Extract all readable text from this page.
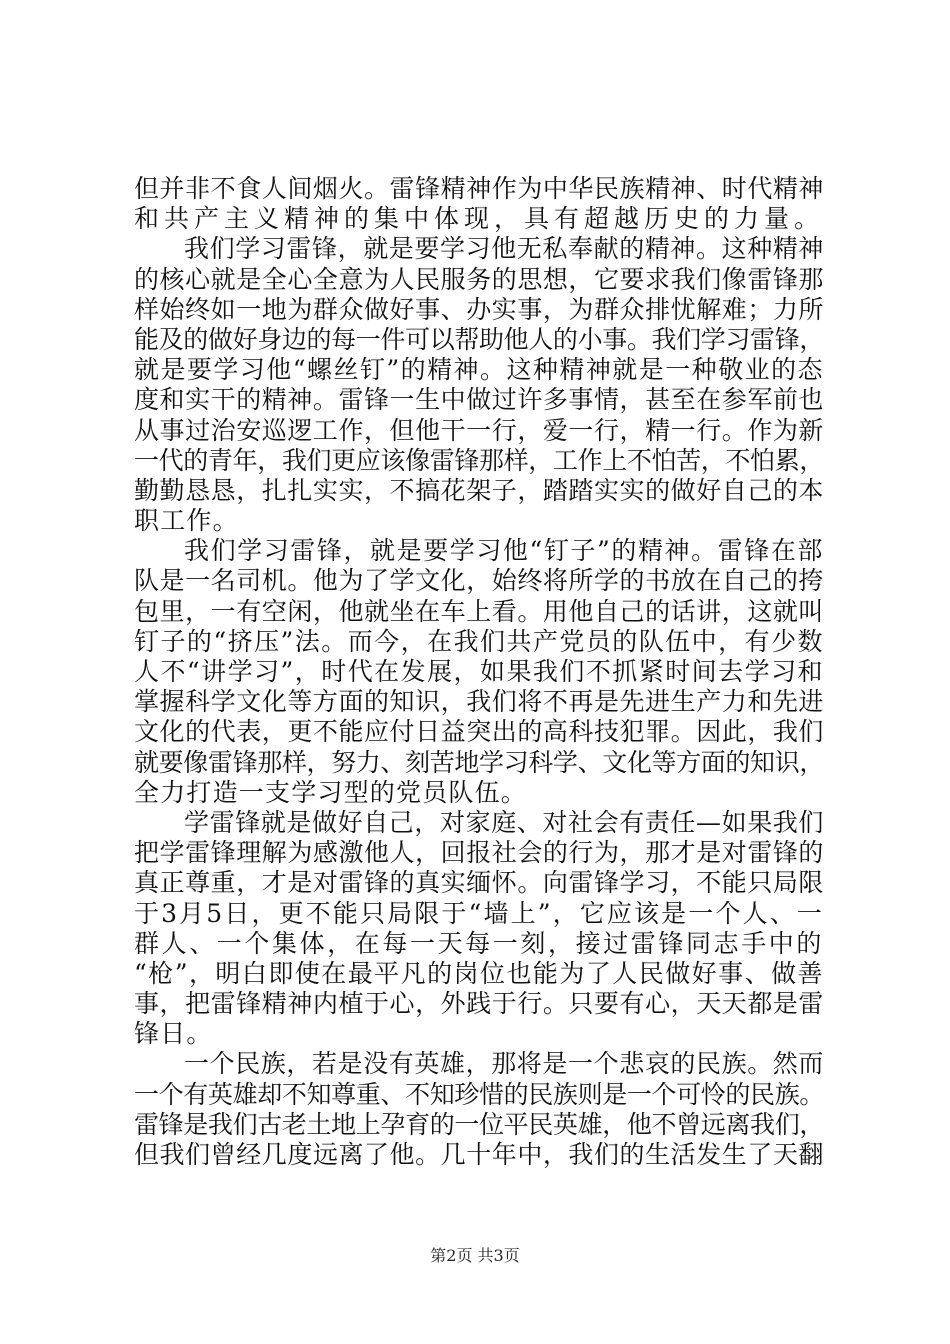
但并非不食人间烟火。雷锋精神作为中华民族精神、时代精神
和共产主义精神的集中体现，具有超越历史的力量。
我们学习雷锋，就是要学习他无私奉献的精神。这种精神
的核心就是全心全意为人民服务的思想，它要求我们像雷锋那
样始终如一地为群众做好事、办实事，为群众排忧解难；力所
能及的做好身边的每一件可以帮助他人的小事。我们学习雷锋，
就是要学习他“螺丝钉”的精神。这种精神就是一种敬业的态
度和实干的精神。雷锋一生中做过许多事情，甚至在参军前也
从事过治安巡逻工作，但他干一行，爱一行，精一行。作为新
一代的青年，我们更应该像雷锋那样，工作上不怕苦，不怕累，
勤勤恳恳，扎扎实实，不搞花架子，踏踏实实的做好自己的本
职工作。
我们学习雷锋，就是要学习他“钉子”的精神。雷锋在部
队是一名司机。他为了学文化，始终将所学的书放在自己的挎
包里，一有空闲，他就坐在车上看。用他自己的话讲，这就叫
钉子的“挤压”法。而今，在我们共产党员的队伍中，有少数
人不“讲学习”，时代在发展，如果我们不抓紧时间去学习和
掌握科学文化等方面的知识，我们将不再是先进生产力和先进
文化的代表，更不能应付日益突出的高科技犯罪。因此，我们
就要像雷锋那样，努力、刻苦地学习科学、文化等方面的知识，
全力打造一支学习型的党员队伍。
学雷锋就是做好自己，对家庭、对社会有责任—如果我们
把学雷锋理解为感激他人，回报社会的行为，那才是对雷锋的
真正尊重，才是对雷锋的真实缅怀。向雷锋学习，不能只局限
于3月5日，更不能只局限于“墙上”，它应该是一个人、一
群人、一个集体，在每一天每一刻，接过雷锋同志手中的
“枪”，明白即使在最平凡的岗位也能为了人民做好事、做善
事，把雷锋精神内植于心，外践于行。只要有心，天天都是雷
锋日。
一个民族，若是没有英雄，那将是一个悲哀的民族。然而
一个有英雄却不知尊重、不知珍惜的民族则是一个可怜的民族。
雷锋是我们古老土地上孕育的一位平民英雄，他不曾远离我们，
但我们曾经几度远离了他。几十年中，我们的生活发生了天翻
第2页 共3页
